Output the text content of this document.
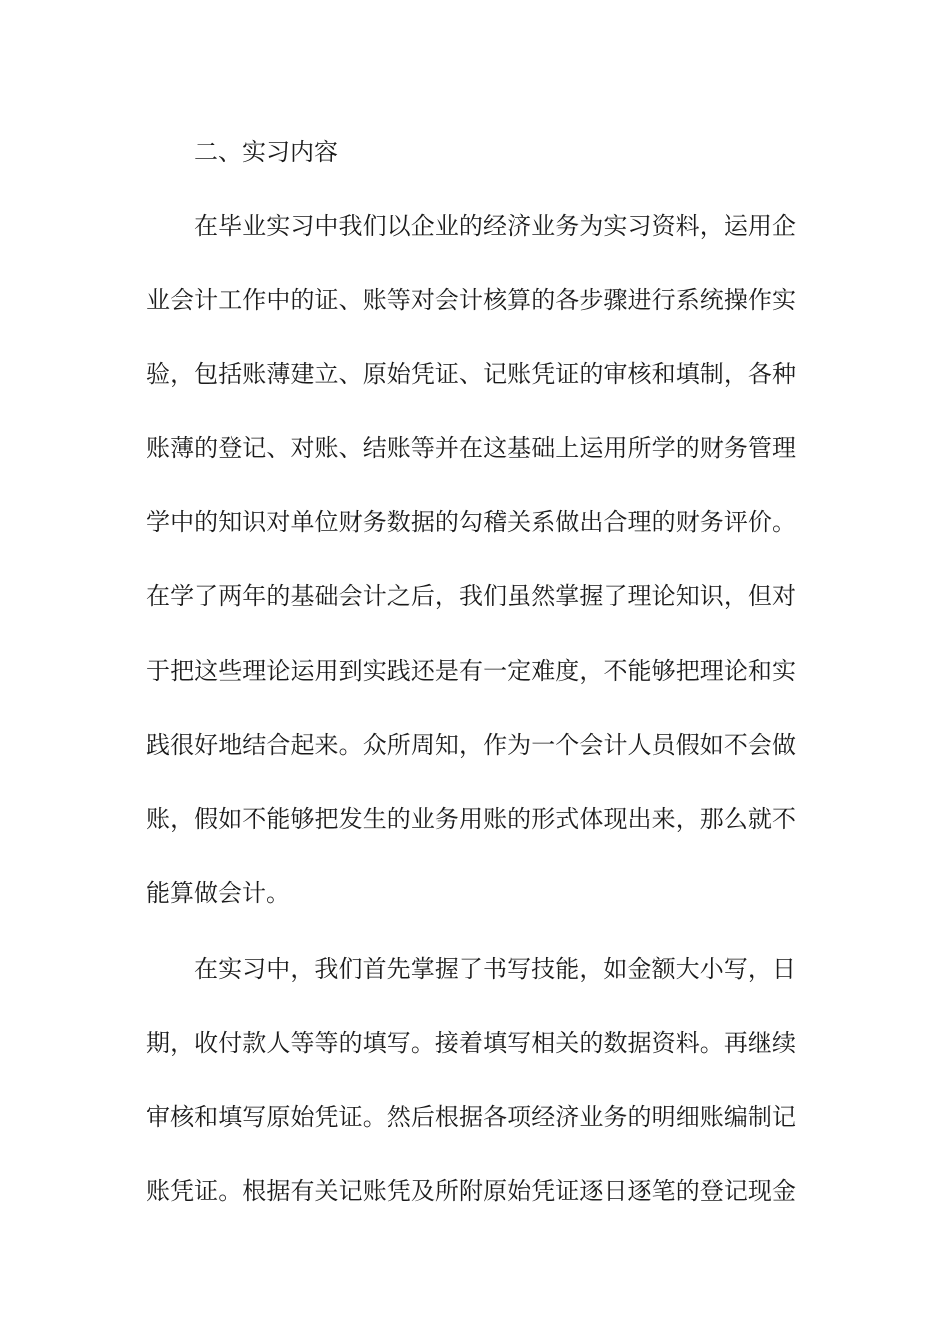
二、实习内容
在毕业实习中我们以企业的经济业务为实习资料，运用企
业会计工作中的证、账等对会计核算的各步骤进行系统操作实
验，包括账薄建立、原始凭证、记账凭证的审核和填制，各种
账薄的登记、对账、结账等并在这基础上运用所学的财务管理
学中的知识对单位财务数据的勾稽关系做出合理的财务评价。
在学了两年的基础会计之后，我们虽然掌握了理论知识，但对
于把这些理论运用到实践还是有一定难度，不能够把理论和实
践很好地结合起来。众所周知，作为一个会计人员假如不会做
账，假如不能够把发生的业务用账的形式体现出来，那么就不
能算做会计。
在实习中，我们首先掌握了书写技能，如金额大小写，日
期，收付款人等等的填写。接着填写相关的数据资料。再继续
审核和填写原始凭证。然后根据各项经济业务的明细账编制记
账凭证。根据有关记账凭及所附原始凭证逐日逐笔的登记现金
